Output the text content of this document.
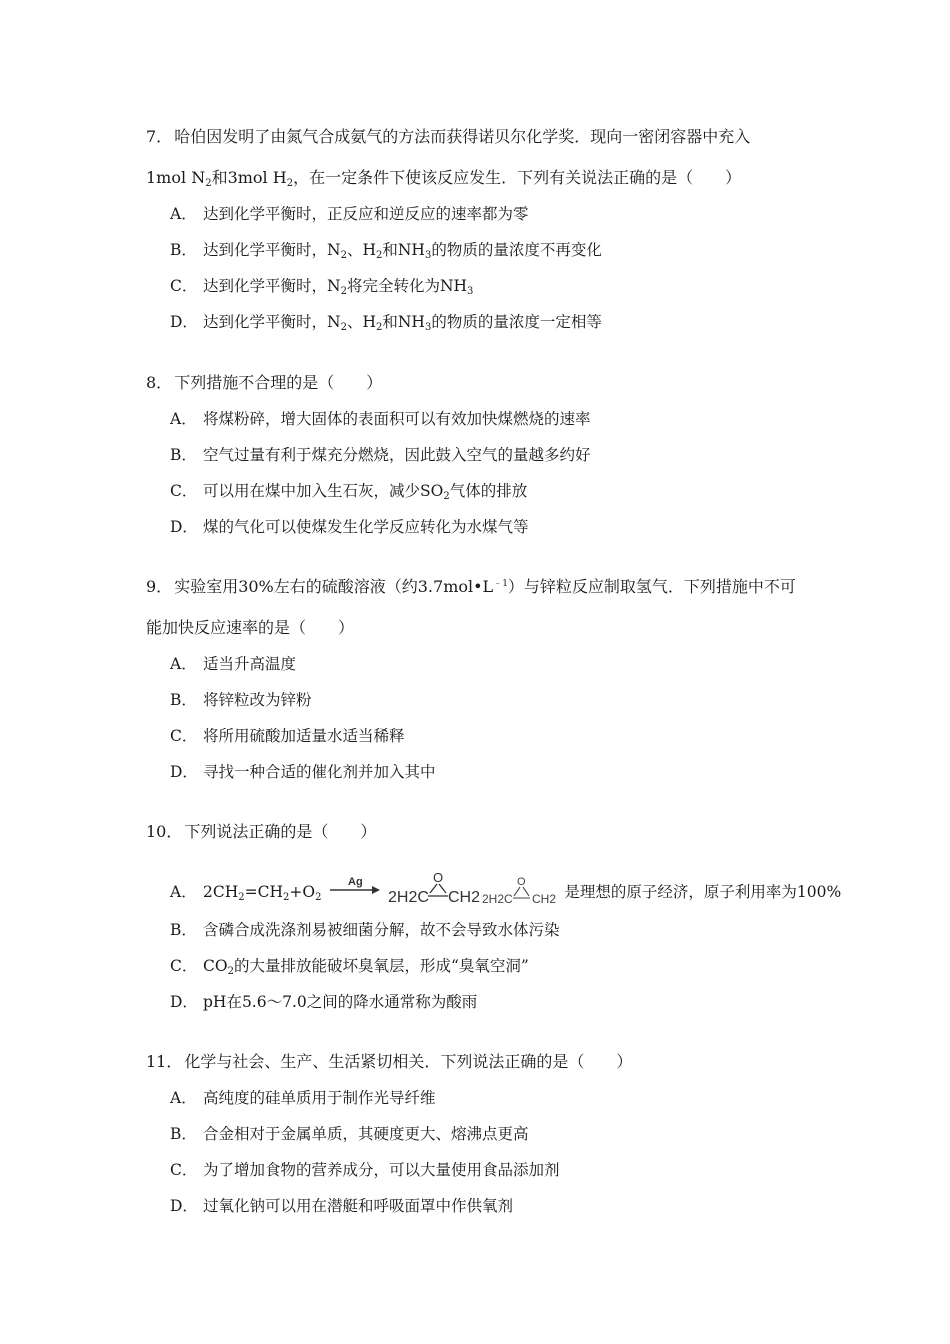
7． 哈伯因发明了由氮气合成氨气的方法而获得诺贝尔化学奖．现向一密闭容器中充入
1mol $N_2$和3mol $H_2$，在一定条件下使该反应发生．下列有关说法正确的是（　　）
A． 达到化学平衡时，正反应和逆反应的速率都为零
B． 达到化学平衡时，$N_2$、$H_2$和$NH_3$的物质的量浓度不再变化
C． 达到化学平衡时，$N_2$将完全转化为$NH_3$
D． 达到化学平衡时，$N_2$、$H_2$和$NH_3$的物质的量浓度一定相等
8． 下列措施不合理的是（　　）
A． 将煤粉碎，增大固体的表面积可以有效加快煤燃烧的速率
B． 空气过量有利于煤充分燃烧，因此鼓入空气的量越多约好
C． 可以用在煤中加入生石灰，减少$SO_2$气体的排放
D． 煤的气化可以使煤发生化学反应转化为水煤气等
9． 实验室用30%左右的硫酸溶液（约$3.7mol•L^{﹣1}$）与锌粒反应制取氢气．下列措施中不可
能加快反应速率的是（　　）
A． 适当升高温度
B． 将锌粒改为锌粉
C． 将所用硫酸加适量水适当稀释
D． 寻找一种合适的催化剂并加入其中
10． 下列说法正确的是（　　）
A． $2CH_2=CH_2+O_2$
Ag
2H2C
O
CH2 2H2C
O
CH2 是理想的原子经济，原子利用率为100%
B． 含磷合成洗涤剂易被细菌分解，故不会导致水体污染
C． $CO_2$的大量排放能破坏臭氧层，形成“臭氧空洞”
D． pH在5.6～7.0之间的降水通常称为酸雨
11． 化学与社会、生产、生活紧切相关．下列说法正确的是（　　）
A． 高纯度的硅单质用于制作光导纤维
B． 合金相对于金属单质，其硬度更大、熔沸点更高
C． 为了增加食物的营养成分，可以大量使用食品添加剂
D． 过氧化钠可以用在潜艇和呼吸面罩中作供氧剂
